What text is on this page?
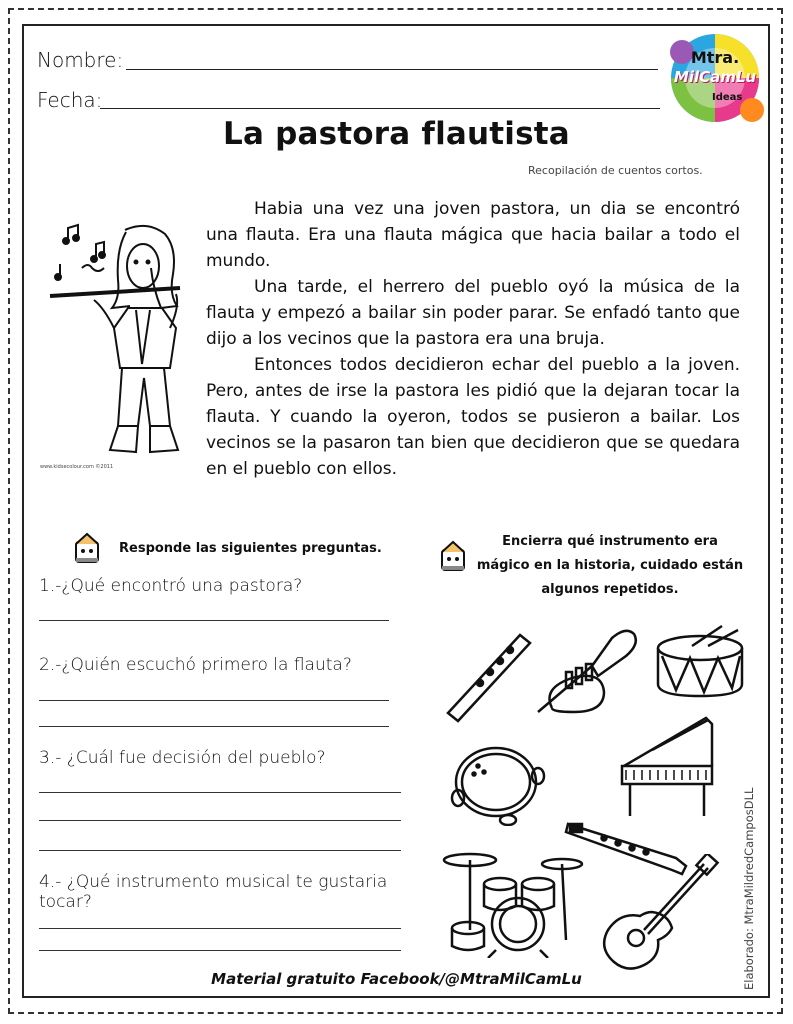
Nombre:
Fecha:
Mtra.
MilCamLu
Ideas
La pastora flautista
Recopilación de cuentos cortos.
www.kidsecolour.com ©2011

Habia una vez una joven pastora, un dia se encontró una flauta. Era una flauta mágica que hacia bailar a todo el mundo.

Una tarde, el herrero del pueblo oyó la música de la flauta y empezó a bailar sin poder parar. Se enfadó tanto que dijo a los vecinos que la pastora era una bruja.

Entonces todos decidieron echar del pueblo a la joven. Pero, antes de irse la pastora les pidió que la dejaran tocar la flauta. Y cuando la oyeron, todos se pusieron a bailar. Los vecinos se la pasaron tan bien que decidieron que se quedara en el pueblo con ellos.

Responde las siguientes preguntas.
1.-¿Qué encontró una pastora?
2.-¿Quién escuchó primero la flauta?
3.- ¿Cuál fue decisión del pueblo?
4.- ¿Qué instrumento musical te gustaria tocar?
Encierra qué instrumento era mágico en la historia, cuidado están algunos repetidos.
Material gratuito Facebook/@MtraMilCamLu	Elaborado: MtraMildredCamposDLL
